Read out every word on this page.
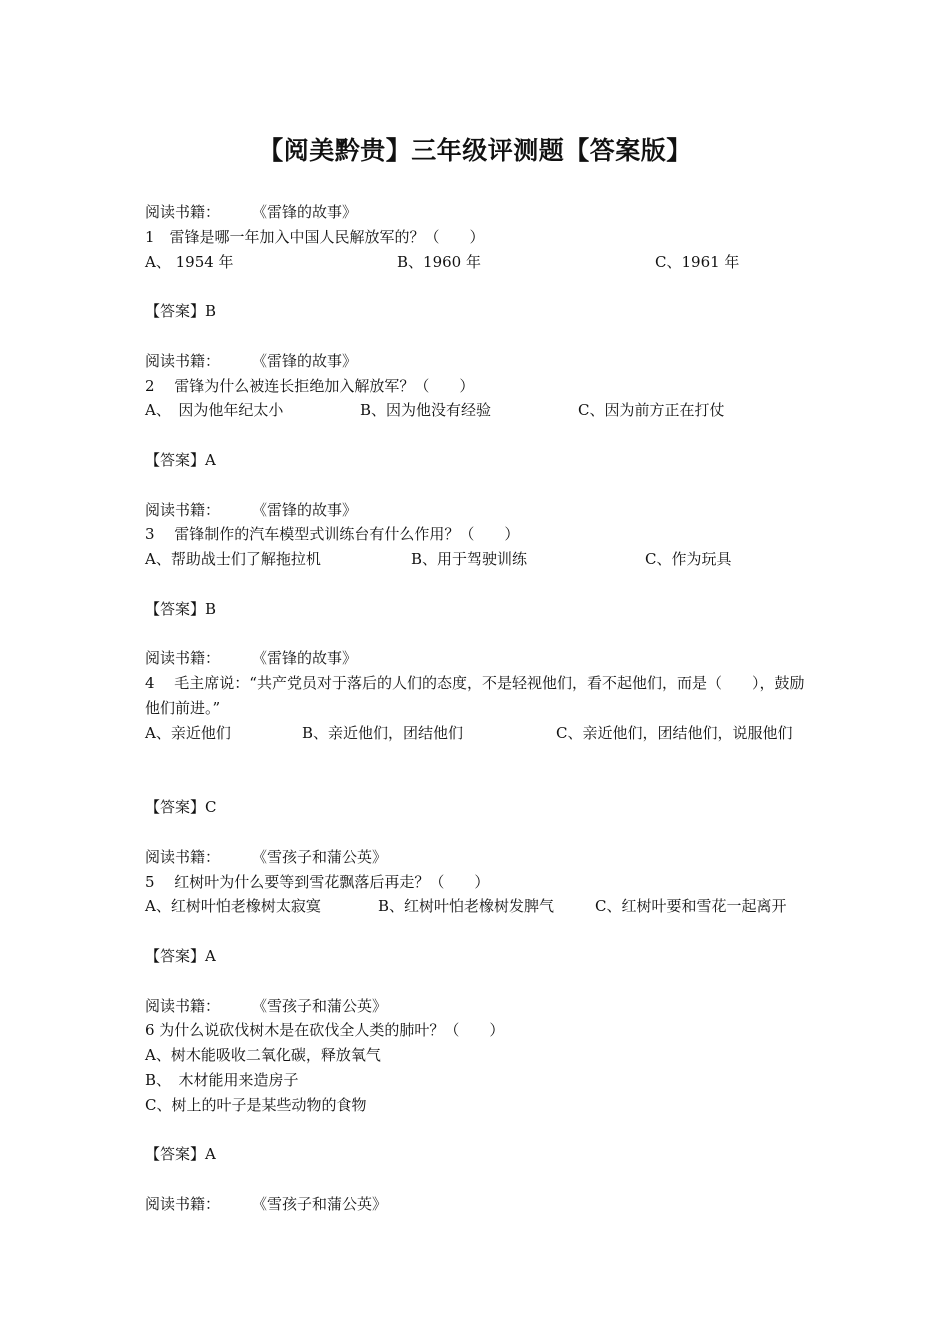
【阅美黔贵】三年级评测题【答案版】
阅读书籍： 《雷锋的故事》
1　雷锋是哪一年加入中国人民解放军的？（　　）
A、 1954 年	B、1960 年	C、1961 年
【答案】B
阅读书籍： 《雷锋的故事》
2　 雷锋为什么被连长拒绝加入解放军？（　　）
A、　因为他年纪太小	B、因为他没有经验	C、因为前方正在打仗
【答案】A
阅读书籍： 《雷锋的故事》
3　 雷锋制作的汽车模型式训练台有什么作用？（　　）
A、帮助战士们了解拖拉机	B、用于驾驶训练	C、作为玩具
【答案】B
阅读书籍： 《雷锋的故事》
4　 毛主席说：“共产党员对于落后的人们的态度，不是轻视他们，看不起他们，而是（　　），鼓励他们前进。”
A、亲近他们	B、亲近他们，团结他们	C、亲近他们，团结他们，说服他们
【答案】C
阅读书籍： 《雪孩子和蒲公英》
5　 红树叶为什么要等到雪花飘落后再走？（　　）
A、红树叶怕老橡树太寂寞	B、红树叶怕老橡树发脾气	C、红树叶要和雪花一起离开
【答案】A
阅读书籍： 《雪孩子和蒲公英》
6 为什么说砍伐树木是在砍伐全人类的肺叶？（　　）
A、树木能吸收二氧化碳，释放氧气
B、　木材能用来造房子
C、树上的叶子是某些动物的食物
【答案】A
阅读书籍： 《雪孩子和蒲公英》
